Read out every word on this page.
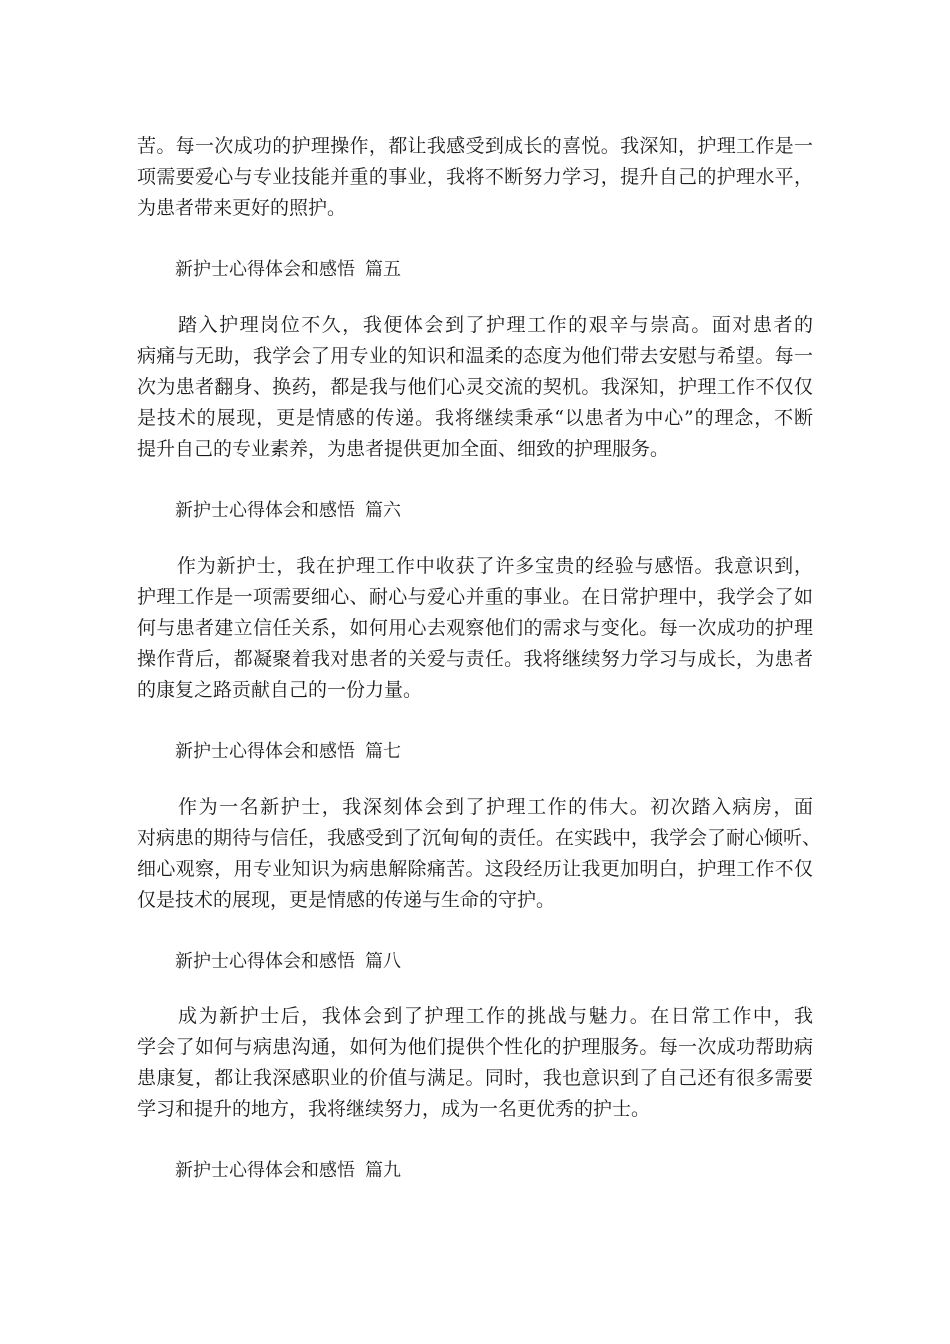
苦。每一次成功的护理操作，都让我感受到成长的喜悦。我深知，护理工作是一
项需要爱心与专业技能并重的事业，我将不断努力学习，提升自己的护理水平，
为患者带来更好的照护。
新护士心得体会和感悟 篇五
　　踏入护理岗位不久，我便体会到了护理工作的艰辛与崇高。面对患者的
病痛与无助，我学会了用专业的知识和温柔的态度为他们带去安慰与希望。每一
次为患者翻身、换药，都是我与他们心灵交流的契机。我深知，护理工作不仅仅
是技术的展现，更是情感的传递。我将继续秉承“以患者为中心”的理念，不断
提升自己的专业素养，为患者提供更加全面、细致的护理服务。
新护士心得体会和感悟 篇六
　　作为新护士，我在护理工作中收获了许多宝贵的经验与感悟。我意识到，
护理工作是一项需要细心、耐心与爱心并重的事业。在日常护理中，我学会了如
何与患者建立信任关系，如何用心去观察他们的需求与变化。每一次成功的护理
操作背后，都凝聚着我对患者的关爱与责任。我将继续努力学习与成长，为患者
的康复之路贡献自己的一份力量。
新护士心得体会和感悟 篇七
　　作为一名新护士，我深刻体会到了护理工作的伟大。初次踏入病房，面
对病患的期待与信任，我感受到了沉甸甸的责任。在实践中，我学会了耐心倾听、
细心观察，用专业知识为病患解除痛苦。这段经历让我更加明白，护理工作不仅
仅是技术的展现，更是情感的传递与生命的守护。
新护士心得体会和感悟 篇八
　　成为新护士后，我体会到了护理工作的挑战与魅力。在日常工作中，我
学会了如何与病患沟通，如何为他们提供个性化的护理服务。每一次成功帮助病
患康复，都让我深感职业的价值与满足。同时，我也意识到了自己还有很多需要
学习和提升的地方，我将继续努力，成为一名更优秀的护士。
新护士心得体会和感悟 篇九
